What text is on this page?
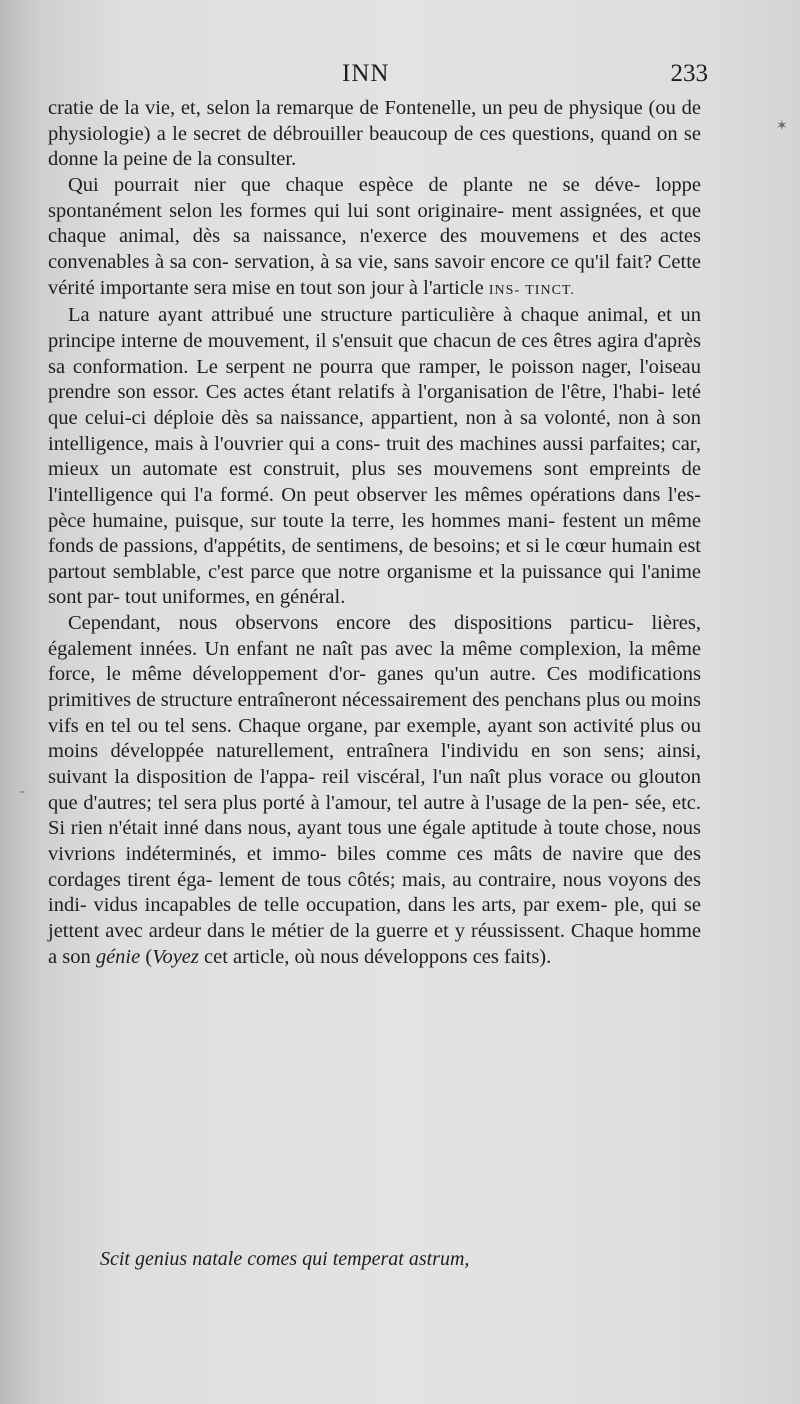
INN	233

cratie de la vie, et, selon la remarque de Fontenelle, un peu de physique (ou de physiologie) a le secret de débrouiller beaucoup de ces questions, quand on se donne la peine de la consulter.

Qui pourrait nier que chaque espèce de plante ne se déve- loppe spontanément selon les formes qui lui sont originaire- ment assignées, et que chaque animal, dès sa naissance, n'exerce des mouvemens et des actes convenables à sa con- servation, à sa vie, sans savoir encore ce qu'il fait? Cette vérité importante sera mise en tout son jour à l'article INS- TINCT.

La nature ayant attribué une structure particulière à chaque animal, et un principe interne de mouvement, il s'ensuit que chacun de ces êtres agira d'après sa conformation. Le serpent ne pourra que ramper, le poisson nager, l'oiseau prendre son essor. Ces actes étant relatifs à l'organisation de l'être, l'habi- leté que celui-ci déploie dès sa naissance, appartient, non à sa volonté, non à son intelligence, mais à l'ouvrier qui a cons- truit des machines aussi parfaites; car, mieux un automate est construit, plus ses mouvemens sont empreints de l'intelligence qui l'a formé. On peut observer les mêmes opérations dans l'es- pèce humaine, puisque, sur toute la terre, les hommes mani- festent un même fonds de passions, d'appétits, de sentimens, de besoins; et si le cœur humain est partout semblable, c'est parce que notre organisme et la puissance qui l'anime sont par- tout uniformes, en général.

Cependant, nous observons encore des dispositions particu- lières, également innées. Un enfant ne naît pas avec la même complexion, la même force, le même développement d'or- ganes qu'un autre. Ces modifications primitives de structure entraîneront nécessairement des penchans plus ou moins vifs en tel ou tel sens. Chaque organe, par exemple, ayant son activité plus ou moins développée naturellement, entraînera l'individu en son sens; ainsi, suivant la disposition de l'appa- reil viscéral, l'un naît plus vorace ou glouton que d'autres; tel sera plus porté à l'amour, tel autre à l'usage de la pen- sée, etc. Si rien n'était inné dans nous, ayant tous une égale aptitude à toute chose, nous vivrions indéterminés, et immo- biles comme ces mâts de navire que des cordages tirent éga- lement de tous côtés; mais, au contraire, nous voyons des indi- vidus incapables de telle occupation, dans les arts, par exem- ple, qui se jettent avec ardeur dans le métier de la guerre et y réussissent. Chaque homme a son génie (Voyez cet article, où nous développons ces faits).

Scit genius natale comes qui temperat astrum,
✶
-
